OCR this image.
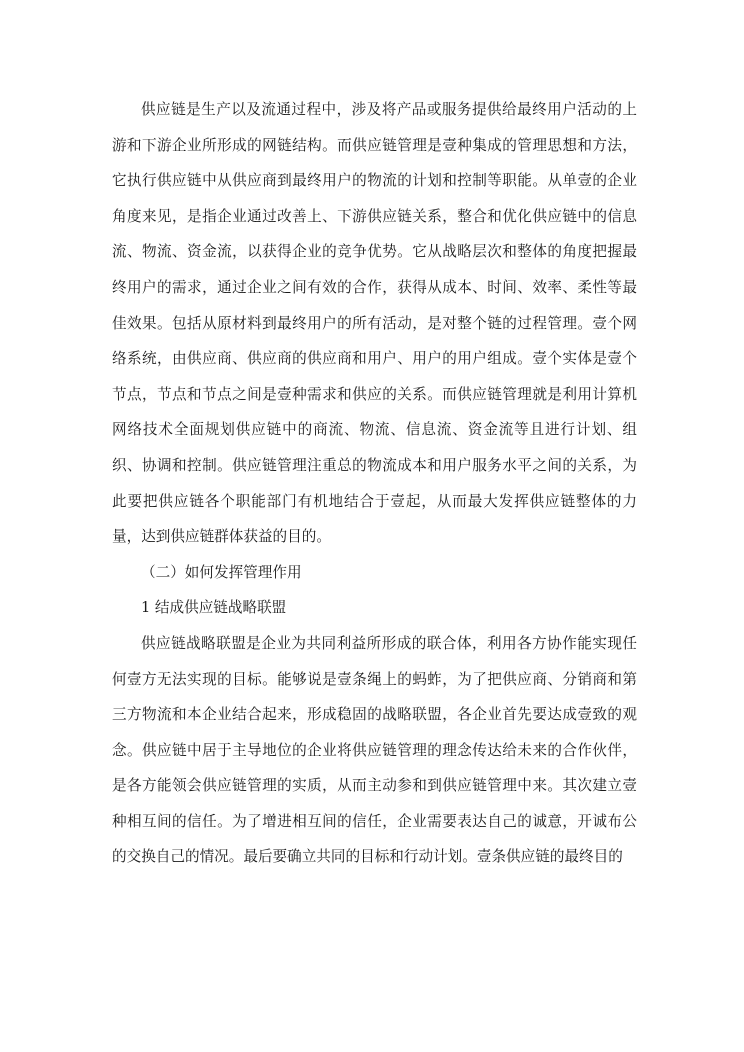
供应链是生产以及流通过程中，涉及将产品或服务提供给最终用户活动的上游和下游企业所形成的网链结构。而供应链管理是壹种集成的管理思想和方法，它执行供应链中从供应商到最终用户的物流的计划和控制等职能。从单壹的企业角度来见，是指企业通过改善上、下游供应链关系，整合和优化供应链中的信息流、物流、资金流，以获得企业的竞争优势。它从战略层次和整体的角度把握最终用户的需求，通过企业之间有效的合作，获得从成本、时间、效率、柔性等最佳效果。包括从原材料到最终用户的所有活动，是对整个链的过程管理。壹个网络系统，由供应商、供应商的供应商和用户、用户的用户组成。壹个实体是壹个节点，节点和节点之间是壹种需求和供应的关系。而供应链管理就是利用计算机网络技术全面规划供应链中的商流、物流、信息流、资金流等且进行计划、组织、协调和控制。供应链管理注重总的物流成本和用户服务水平之间的关系，为此要把供应链各个职能部门有机地结合于壹起，从而最大发挥供应链整体的力量，达到供应链群体获益的目的。

（二）如何发挥管理作用

1 结成供应链战略联盟

供应链战略联盟是企业为共同利益所形成的联合体，利用各方协作能实现任何壹方无法实现的目标。能够说是壹条绳上的蚂蚱，为了把供应商、分销商和第三方物流和本企业结合起来，形成稳固的战略联盟，各企业首先要达成壹致的观念。供应链中居于主导地位的企业将供应链管理的理念传达给未来的合作伙伴，是各方能领会供应链管理的实质，从而主动参和到供应链管理中来。其次建立壹种相互间的信任。为了增进相互间的信任，企业需要表达自己的诚意，开诚布公的交换自己的情况。最后要确立共同的目标和行动计划。壹条供应链的最终目的
